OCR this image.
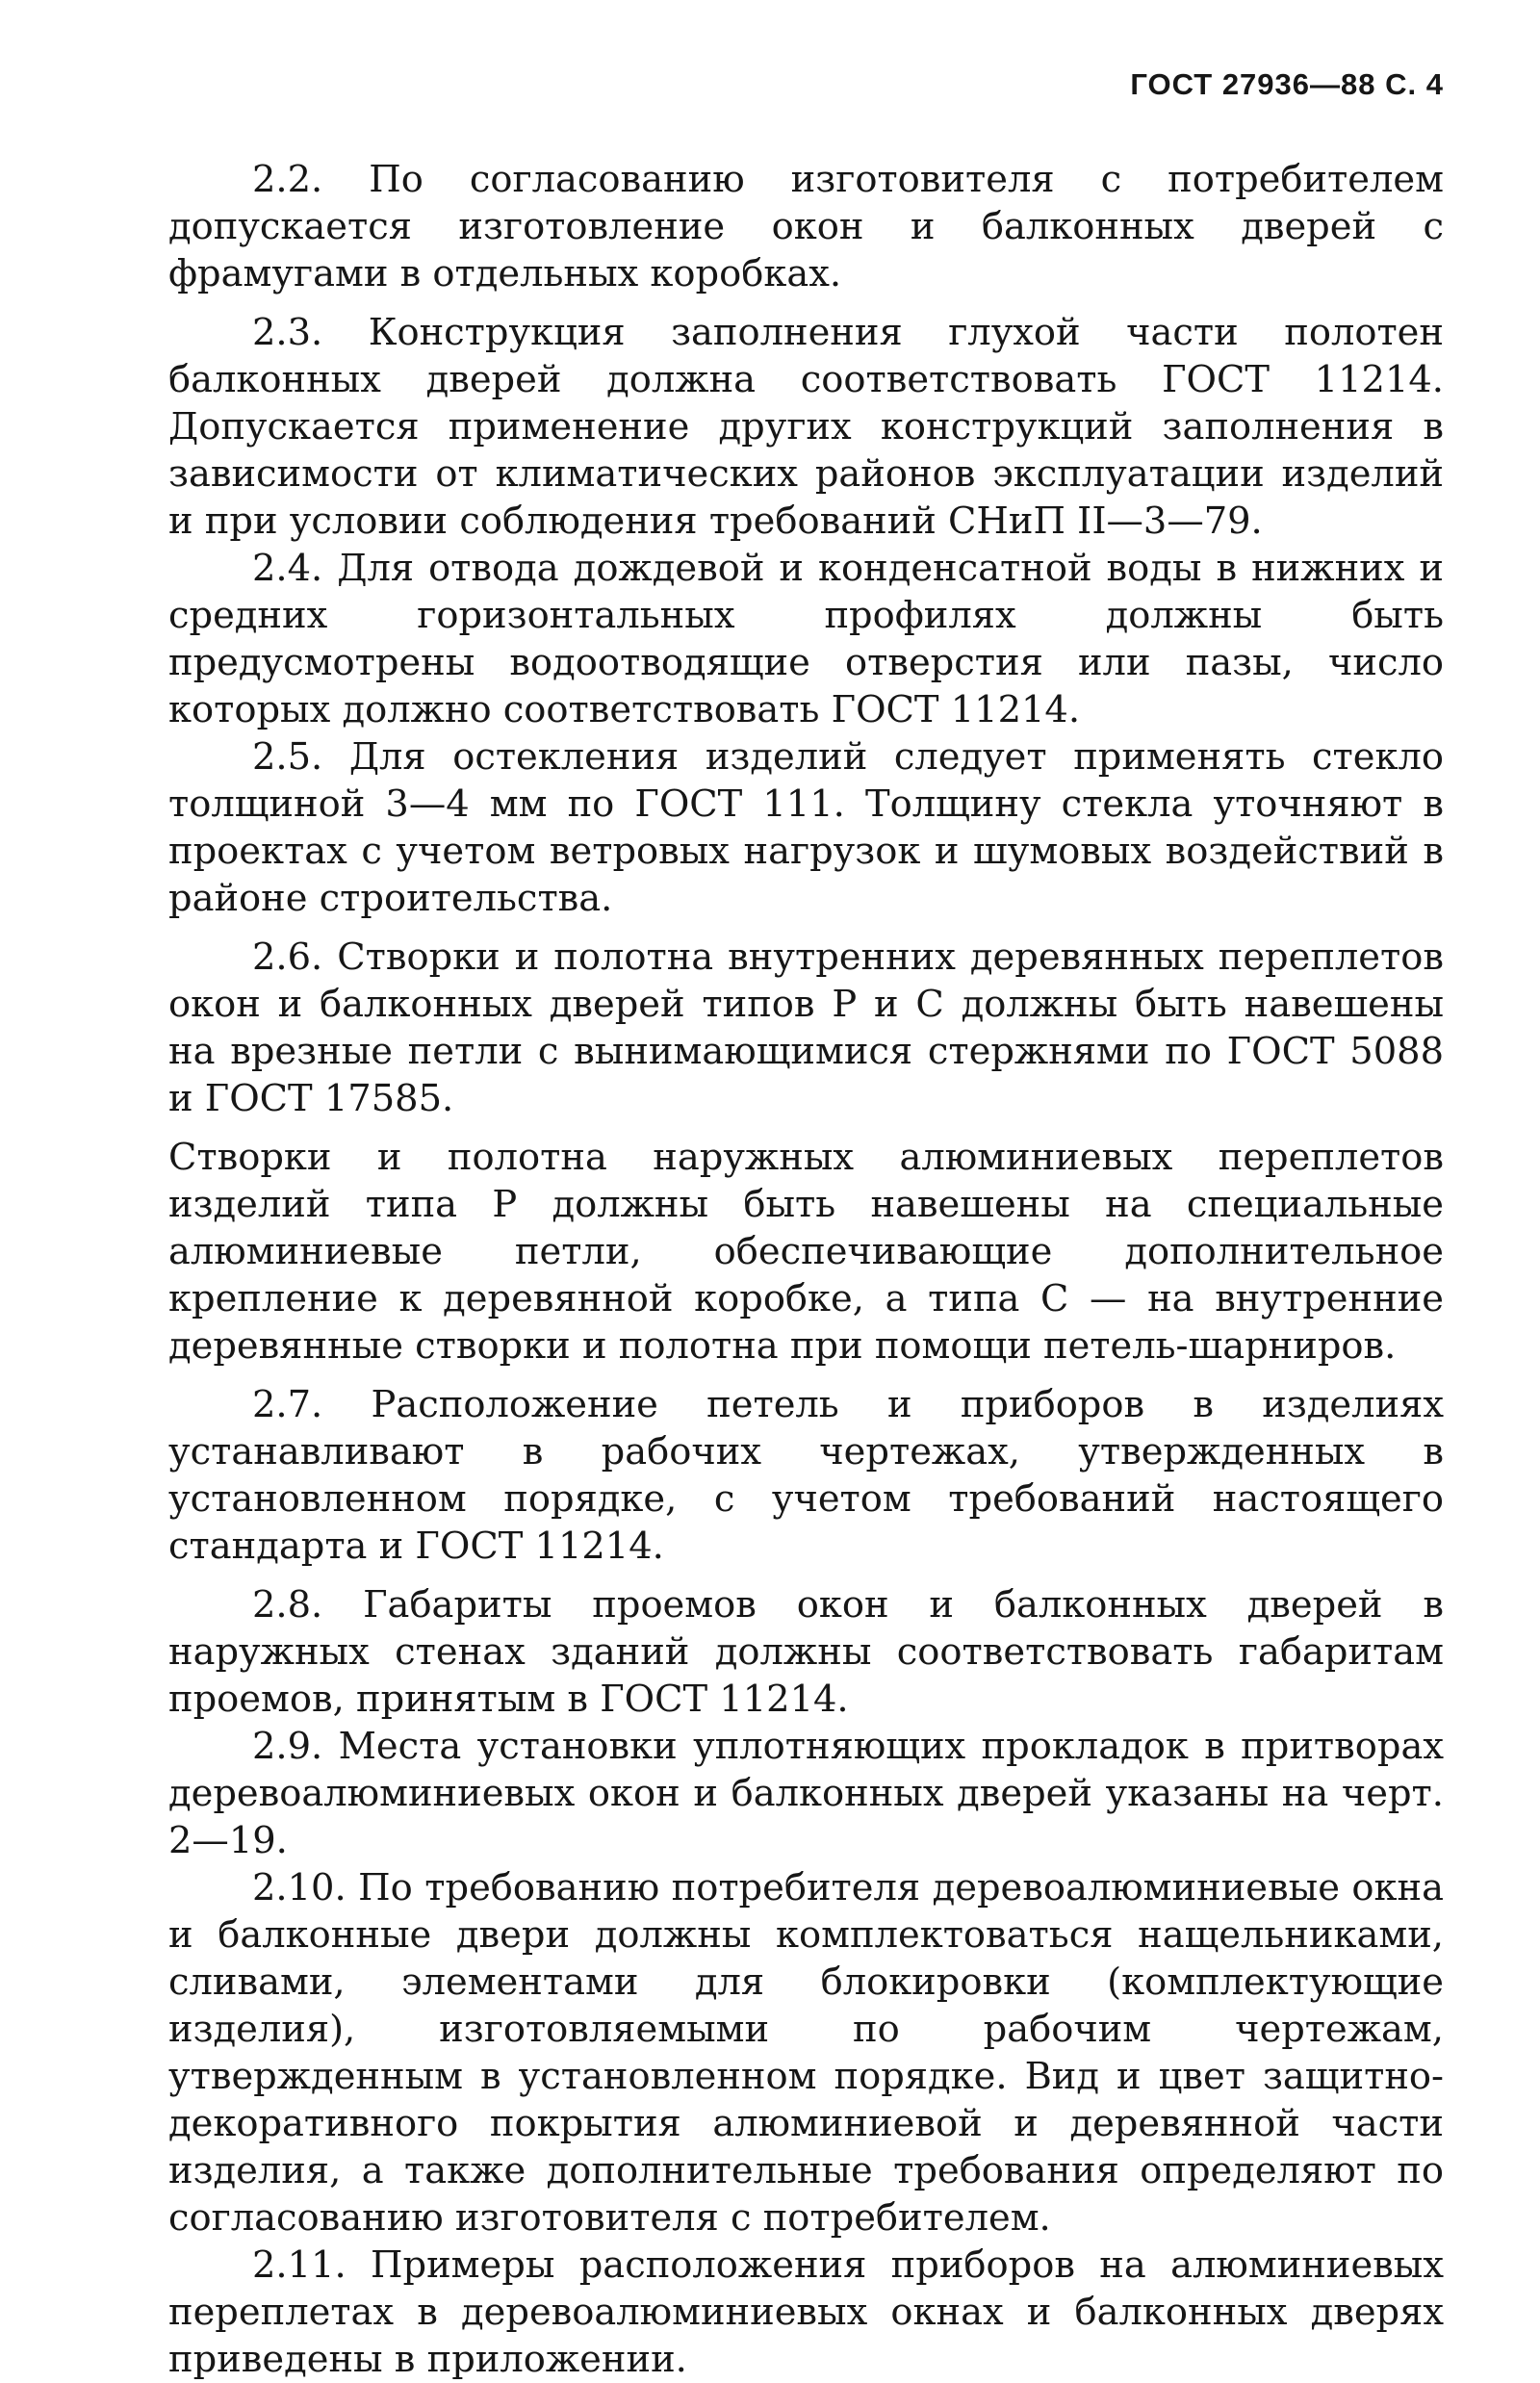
ГОСТ 27936—88 С. 4

2.2. По согласованию изготовителя с потребителем допускается изготовление окон и балконных дверей с фрамугами в отдельных коробках.

2.3. Конструкция заполнения глухой части полотен балконных дверей должна соответствовать ГОСТ 11214. Допускается применение других конструкций заполнения в зависимости от климатических районов эксплуатации изделий и при условии соблюдения требований СНиП II—3—79.

2.4. Для отвода дождевой и конденсатной воды в нижних и средних горизонтальных профилях должны быть предусмотрены водоотводящие отверстия или пазы, число которых должно соответствовать ГОСТ 11214.

2.5. Для остекления изделий следует применять стекло толщиной 3—4 мм по ГОСТ 111. Толщину стекла уточняют в проектах с учетом ветровых нагрузок и шумовых воздействий в районе строительства.

2.6. Створки и полотна внутренних деревянных переплетов окон и балконных дверей типов Р и С должны быть навешены на врезные петли с вынимающимися стержнями по ГОСТ 5088 и ГОСТ 17585.

Створки и полотна наружных алюминиевых переплетов изделий типа Р должны быть навешены на специальные алюминиевые петли, обеспечивающие дополнительное крепление к деревянной коробке, а типа С — на внутренние деревянные створки и полотна при помощи петель-шарниров.

2.7. Расположение петель и приборов в изделиях устанавливают в рабочих чертежах, утвержденных в установленном порядке, с учетом требований настоящего стандарта и ГОСТ 11214.

2.8. Габариты проемов окон и балконных дверей в наружных стенах зданий должны соответствовать габаритам проемов, принятым в ГОСТ 11214.

2.9. Места установки уплотняющих прокладок в притворах деревоалюминиевых окон и балконных дверей указаны на черт. 2—19.

2.10. По требованию потребителя деревоалюминиевые окна и балконные двери должны комплектоваться нащельниками, сливами, элементами для блокировки (комплектующие изделия), изготовляемыми по рабочим чертежам, утвержденным в установленном порядке. Вид и цвет защитно-декоративного покрытия алюминиевой и деревянной части изделия, а также дополнительные требования определяют по согласованию изготовителя с потребителем.

2.11. Примеры расположения приборов на алюминиевых переплетах в деревоалюминиевых окнах и балконных дверях приведены в приложении.
